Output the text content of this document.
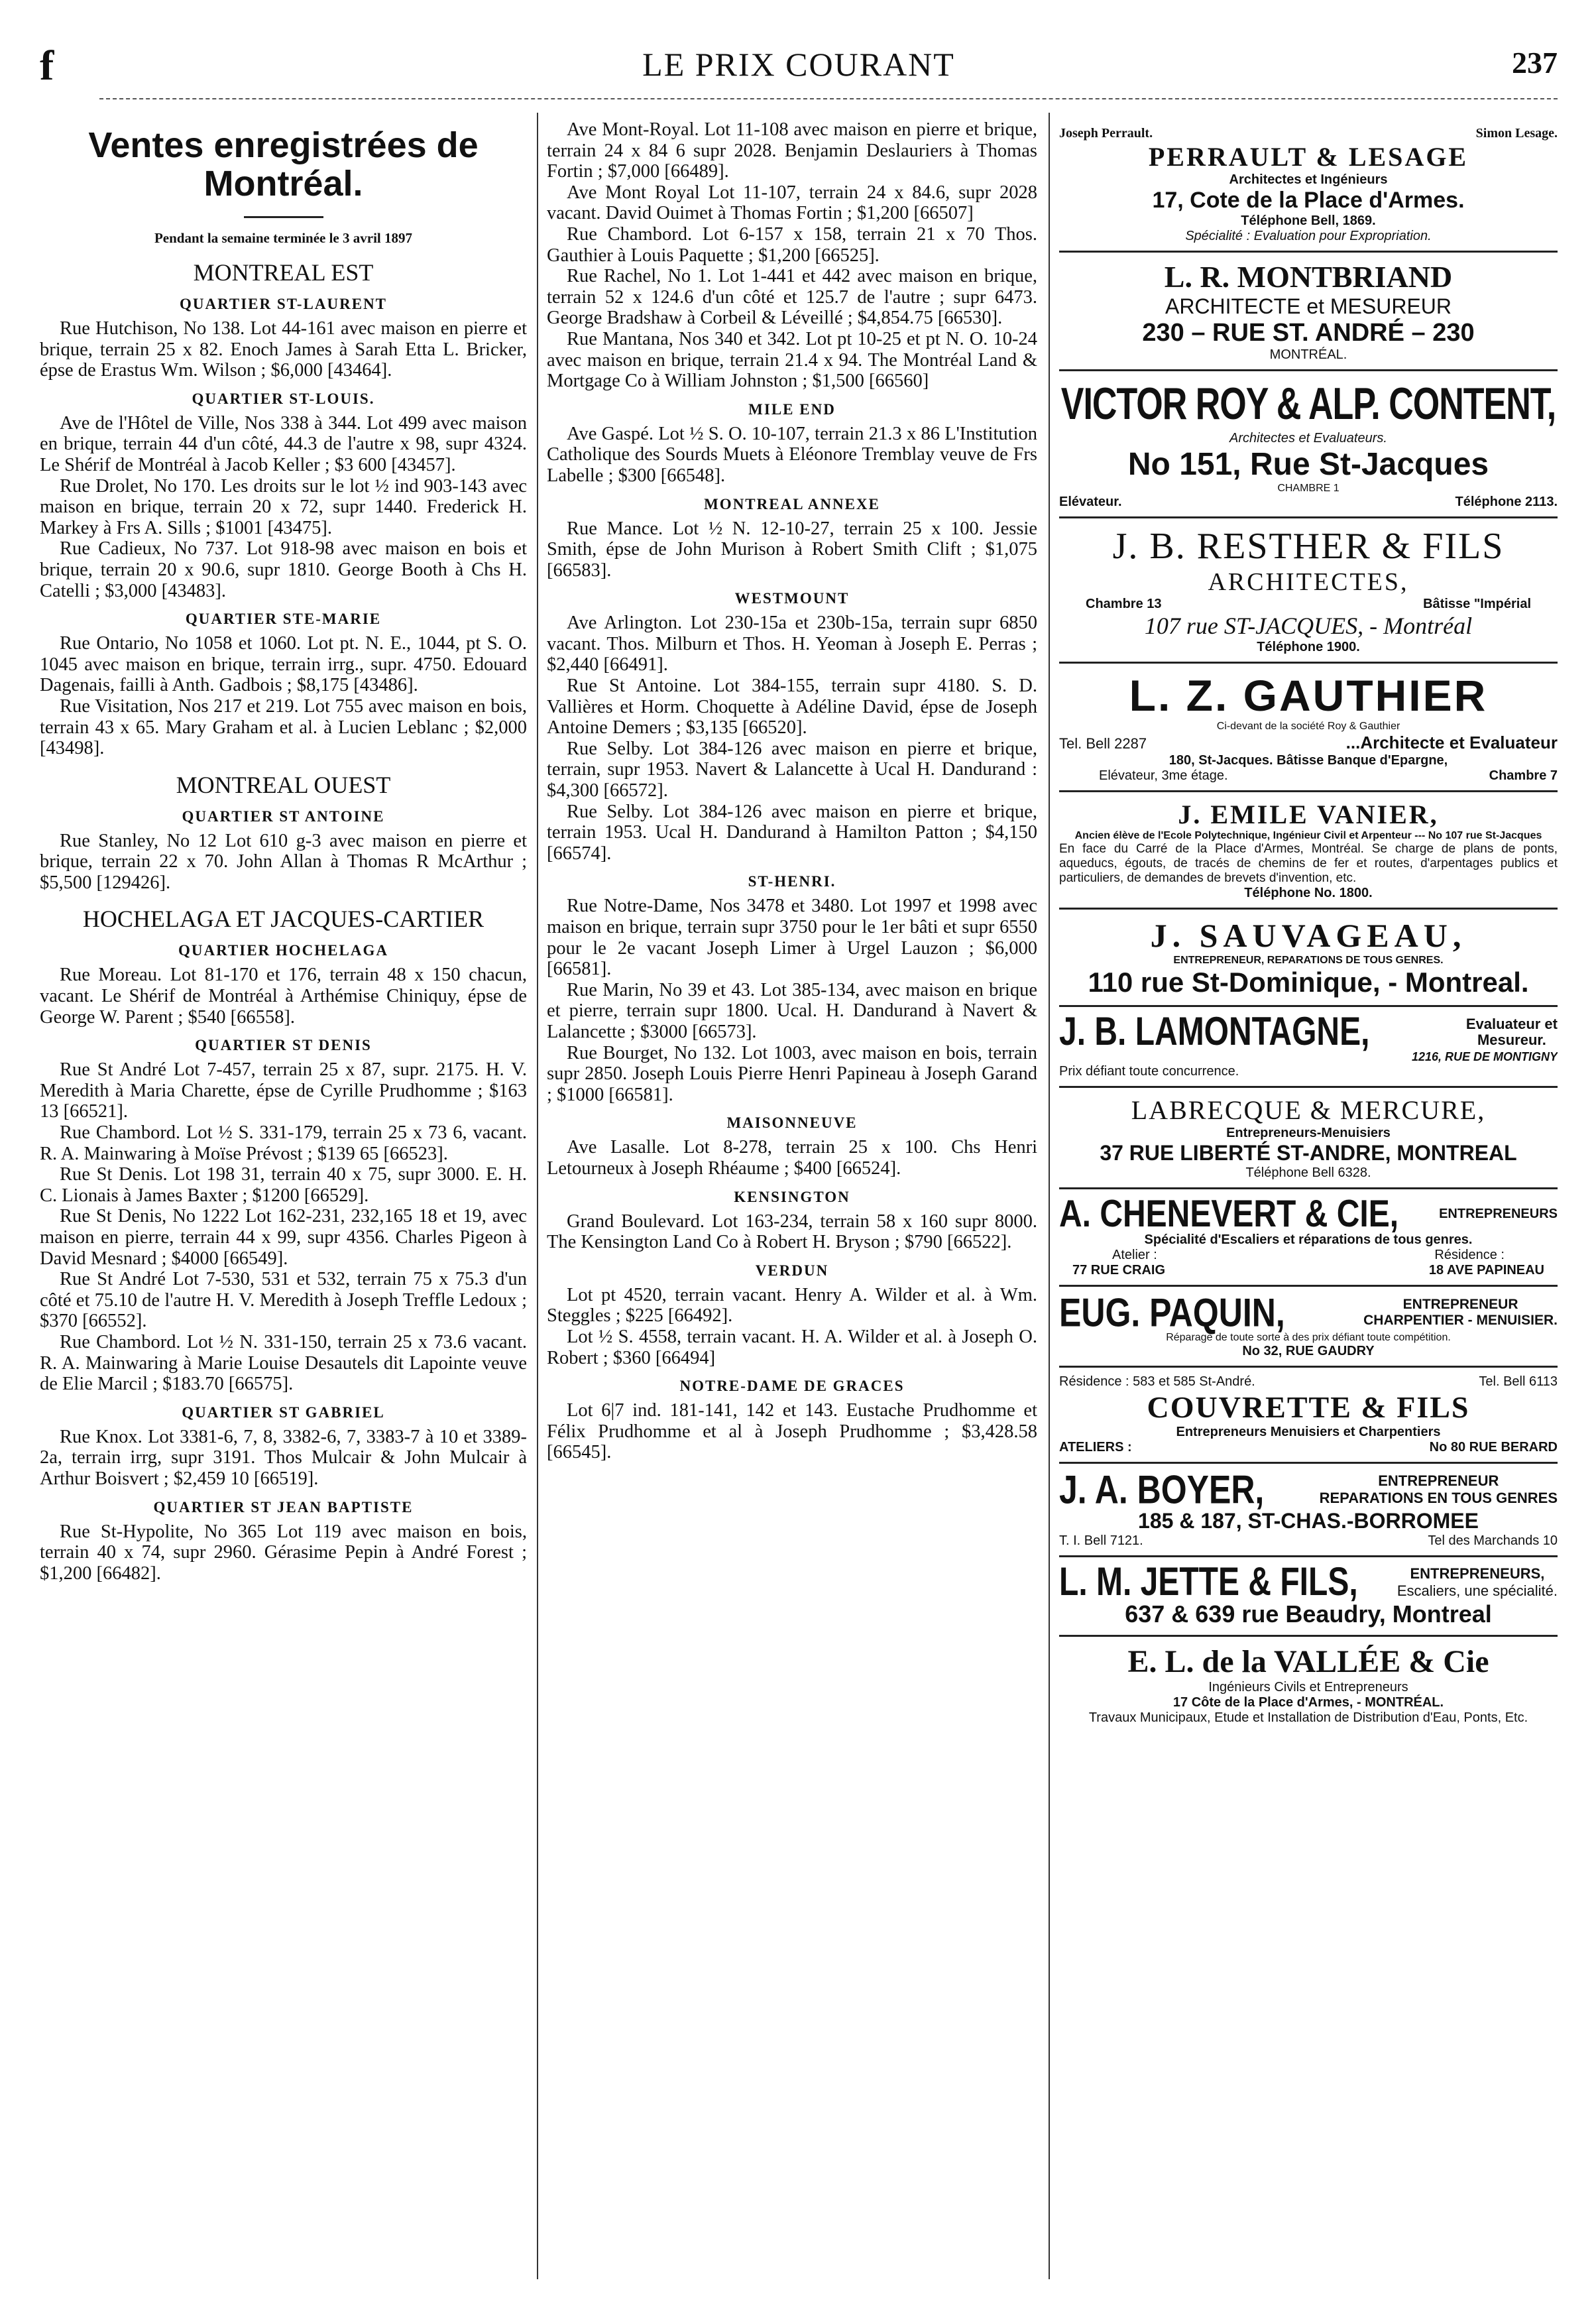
f	LE PRIX COURANT	237
Ventes enregistrées de Montréal.
Pendant la semaine terminée le 3 avril 1897
MONTREAL EST
QUARTIER ST-LAURENT
Rue Hutchison, No 138. Lot 44-161 avec maison en pierre et brique, terrain 25 x 82. Enoch James à Sarah Etta L. Bricker, épse de Erastus Wm. Wilson ; $6,000 [43464].
QUARTIER ST-LOUIS.
Ave de l'Hôtel de Ville, Nos 338 à 344. Lot 499 avec maison en brique, terrain 44 d'un côté, 44.3 de l'autre x 98, supr 4324. Le Shérif de Montréal à Jacob Keller ; $3 600 [43457].
Rue Drolet, No 170. Les droits sur le lot ½ ind 903-143 avec maison en brique, terrain 20 x 72, supr 1440. Frederick H. Markey à Frs A. Sills ; $1001 [43475].
Rue Cadieux, No 737. Lot 918-98 avec maison en bois et brique, terrain 20 x 90.6, supr 1810. George Booth à Chs H. Catelli ; $3,000 [43483].
QUARTIER STE-MARIE
Rue Ontario, No 1058 et 1060. Lot pt. N. E., 1044, pt S. O. 1045 avec maison en brique, terrain irrg., supr. 4750. Edouard Dagenais, failli à Anth. Gadbois ; $8,175 [43486].
Rue Visitation, Nos 217 et 219. Lot 755 avec maison en bois, terrain 43 x 65. Mary Graham et al. à Lucien Leblanc ; $2,000 [43498].
MONTREAL OUEST
QUARTIER ST ANTOINE
Rue Stanley, No 12 Lot 610 g-3 avec maison en pierre et brique, terrain 22 x 70. John Allan à Thomas R McArthur ; $5,500 [129426].
HOCHELAGA ET JACQUES-CARTIER
QUARTIER HOCHELAGA
Rue Moreau. Lot 81-170 et 176, terrain 48 x 150 chacun, vacant. Le Shérif de Montréal à Arthémise Chiniquy, épse de George W. Parent ; $540 [66558].
QUARTIER ST DENIS
Rue St André Lot 7-457, terrain 25 x 87, supr. 2175. H. V. Meredith à Maria Charette, épse de Cyrille Prudhomme ; $163 13 [66521].
Rue Chambord. Lot ½ S. 331-179, terrain 25 x 73 6, vacant. R. A. Mainwaring à Moïse Prévost ; $139 65 [66523].
Rue St Denis. Lot 198 31, terrain 40 x 75, supr 3000. E. H. C. Lionais à James Baxter ; $1200 [66529].
Rue St Denis, No 1222 Lot 162-231, 232,165 18 et 19, avec maison en pierre, terrain 44 x 99, supr 4356. Charles Pigeon à David Mesnard ; $4000 [66549].
Rue St André Lot 7-530, 531 et 532, terrain 75 x 75.3 d'un côté et 75.10 de l'autre H. V. Meredith à Joseph Treffle Ledoux ; $370 [66552].
Rue Chambord. Lot ½ N. 331-150, terrain 25 x 73.6 vacant. R. A. Mainwaring à Marie Louise Desautels dit Lapointe veuve de Elie Marcil ; $183.70 [66575].
QUARTIER ST GABRIEL
Rue Knox. Lot 3381-6, 7, 8, 3382-6, 7, 3383-7 à 10 et 3389-2a, terrain irrg, supr 3191. Thos Mulcair & John Mulcair à Arthur Boisvert ; $2,459 10 [66519].
QUARTIER ST JEAN BAPTISTE
Rue St-Hypolite, No 365 Lot 119 avec maison en bois, terrain 40 x 74, supr 2960. Gérasime Pepin à André Forest ; $1,200 [66482].
Ave Mont-Royal. Lot 11-108 avec maison en pierre et brique, terrain 24 x 84 6 supr 2028. Benjamin Deslauriers à Thomas Fortin ; $7,000 [66489].
Ave Mont Royal Lot 11-107, terrain 24 x 84.6, supr 2028 vacant. David Ouimet à Thomas Fortin ; $1,200 [66507]
Rue Chambord. Lot 6-157 x 158, terrain 21 x 70 Thos. Gauthier à Louis Paquette ; $1,200 [66525].
Rue Rachel, No 1. Lot 1-441 et 442 avec maison en brique, terrain 52 x 124.6 d'un côté et 125.7 de l'autre ; supr 6473. George Bradshaw à Corbeil & Léveillé ; $4,854.75 [66530].
Rue Mantana, Nos 340 et 342. Lot pt 10-25 et pt N. O. 10-24 avec maison en brique, terrain 21.4 x 94. The Montréal Land & Mortgage Co à William Johnston ; $1,500 [66560]
MILE END
Ave Gaspé. Lot ½ S. O. 10-107, terrain 21.3 x 86 L'Institution Catholique des Sourds Muets à Eléonore Tremblay veuve de Frs Labelle ; $300 [66548].
MONTREAL ANNEXE
Rue Mance. Lot ½ N. 12-10-27, terrain 25 x 100. Jessie Smith, épse de John Murison à Robert Smith Clift ; $1,075 [66583].
WESTMOUNT
Ave Arlington. Lot 230-15a et 230b-15a, terrain supr 6850 vacant. Thos. Milburn et Thos. H. Yeoman à Joseph E. Perras ; $2,440 [66491].
Rue St Antoine. Lot 384-155, terrain supr 4180. S. D. Vallières et Horm. Choquette à Adéline David, épse de Joseph Antoine Demers ; $3,135 [66520].
Rue Selby. Lot 384-126 avec maison en pierre et brique, terrain, supr 1953. Navert & Lalancette à Ucal H. Dandurand : $4,300 [66572].
Rue Selby. Lot 384-126 avec maison en pierre et brique, terrain 1953. Ucal H. Dandurand à Hamilton Patton ; $4,150 [66574].
ST-HENRI.
Rue Notre-Dame, Nos 3478 et 3480. Lot 1997 et 1998 avec maison en brique, terrain supr 3750 pour le 1er bâti et supr 6550 pour le 2e vacant Joseph Limer à Urgel Lauzon ; $6,000 [66581].
Rue Marin, No 39 et 43. Lot 385-134, avec maison en brique et pierre, terrain supr 1800. Ucal. H. Dandurand à Navert & Lalancette ; $3000 [66573].
Rue Bourget, No 132. Lot 1003, avec maison en bois, terrain supr 2850. Joseph Louis Pierre Henri Papineau à Joseph Garand ; $1000 [66581].
MAISONNEUVE
Ave Lasalle. Lot 8-278, terrain 25 x 100. Chs Henri Letourneux à Joseph Rhéaume ; $400 [66524].
KENSINGTON
Grand Boulevard. Lot 163-234, terrain 58 x 160 supr 8000. The Kensington Land Co à Robert H. Bryson ; $790 [66522].
VERDUN
Lot pt 4520, terrain vacant. Henry A. Wilder et al. à Wm. Steggles ; $225 [66492].
Lot ½ S. 4558, terrain vacant. H. A. Wilder et al. à Joseph O. Robert ; $360 [66494]
NOTRE-DAME DE GRACES
Lot 6|7 ind. 181-141, 142 et 143. Eustache Prudhomme et Félix Prudhomme et al à Joseph Prudhomme ; $3,428.58 [66545].
Joseph Perrault.	Simon Lesage.
PERRAULT & LESAGE
Architectes et Ingénieurs
17, Cote de la Place d'Armes.
Téléphone Bell, 1869.
Spécialité : Evaluation pour Expropriation.
L. R. MONTBRIAND
ARCHITECTE et MESUREUR
230 – RUE ST. ANDRÉ – 230
MONTRÉAL.
VICTOR ROY & ALP. CONTENT,
Architectes et Evaluateurs.
No 151, Rue St-Jacques
CHAMBRE 1
Elévateur.	Téléphone 2113.
J. B. RESTHER & FILS
ARCHITECTES,
Chambre 13	Bâtisse "Impérial
107 rue ST-JACQUES, - Montréal
Téléphone 1900.
L. Z. GAUTHIER
Ci-devant de la société Roy & Gauthier
Tel. Bell 2287	...Architecte et Evaluateur
180, St-Jacques. Bâtisse Banque d'Epargne,
Elévateur, 3me étage.	Chambre 7
J. EMILE VANIER,
Ancien élève de l'Ecole Polytechnique, Ingénieur Civil et Arpenteur --- No 107 rue St-Jacques
En face du Carré de la Place d'Armes, Montréal. Se charge de plans de ponts, aqueducs, égouts, de tracés de chemins de fer et routes, d'arpentages publics et particuliers, de demandes de brevets d'invention, etc.
Téléphone No. 1800.
J. SAUVAGEAU,
ENTREPRENEUR, REPARATIONS DE TOUS GENRES.
110 rue St-Dominique, - Montreal.
J. B. LAMONTAGNE,	Evaluateur et
Mesureur.
1216, RUE DE MONTIGNY
Prix défiant toute concurrence.
LABRECQUE & MERCURE,
Entrepreneurs-Menuisiers
37 RUE LIBERTÉ ST-ANDRE, MONTREAL
Téléphone Bell 6328.
A. CHENEVERT & CIE,	ENTREPRENEURS
Spécialité d'Escaliers et réparations de tous genres.
Atelier :	Résidence :
77 RUE CRAIG	18 AVE PAPINEAU
EUG. PAQUIN,	ENTREPRENEUR
CHARPENTIER - MENUISIER.
Réparage de toute sorte à des prix défiant toute compétition.
No 32, RUE GAUDRY
Résidence : 583 et 585 St-André.	Tel. Bell 6113
COUVRETTE & FILS
Entrepreneurs Menuisiers et Charpentiers
ATELIERS :	No 80 RUE BERARD
J. A. BOYER,	ENTREPRENEUR
REPARATIONS EN TOUS GENRES
185 & 187, ST-CHAS.-BORROMEE
T. I. Bell 7121.	Tel des Marchands 10
L. M. JETTE & FILS,	ENTREPRENEURS,
Escaliers, une spécialité.
637 & 639 rue Beaudry, Montreal
E. L. de la VALLÉE & Cie
Ingénieurs Civils et Entrepreneurs
17 Côte de la Place d'Armes, - MONTRÉAL.
Travaux Municipaux, Etude et Installation de Distribution d'Eau, Ponts, Etc.
